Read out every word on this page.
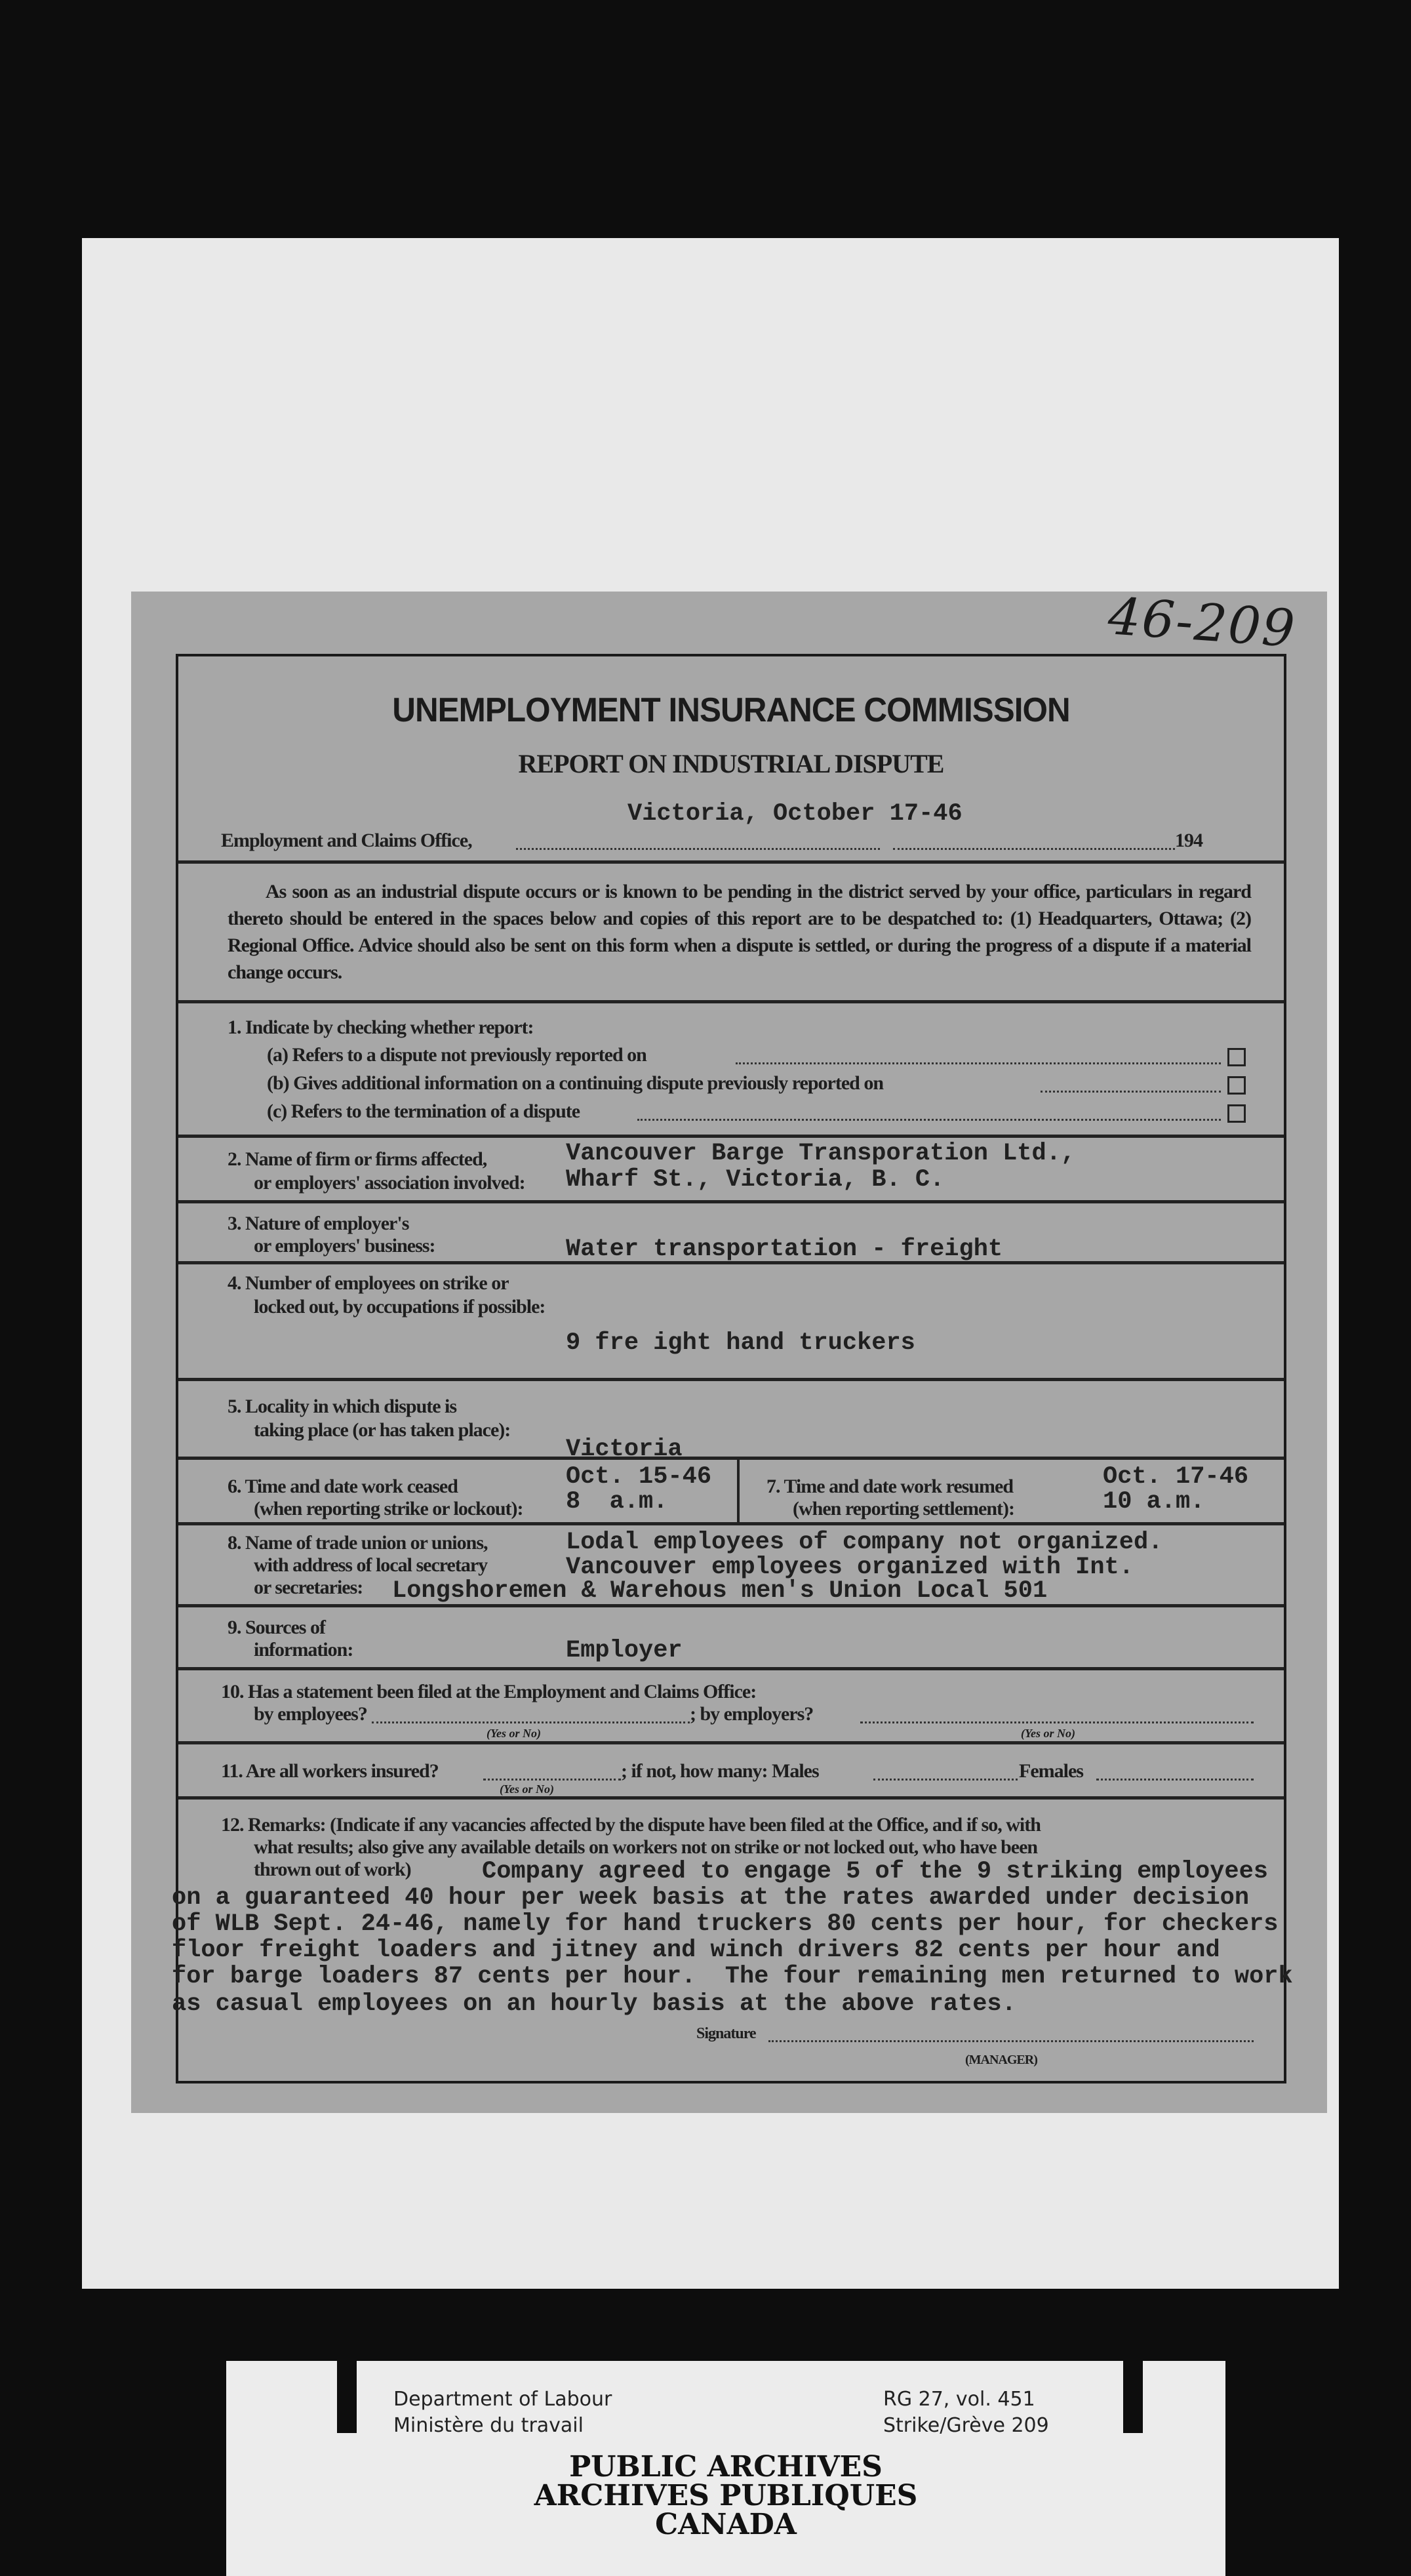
46-209
UNEMPLOYMENT INSURANCE COMMISSION
REPORT ON INDUSTRIAL DISPUTE
Victoria, October 17-46
Employment and Claims Office,	194
As soon as an industrial dispute occurs or is known to be pending in the district served by your office, particulars in regard thereto should be entered in the spaces below and copies of this report are to be despatched to: (1) Headquarters, Ottawa; (2) Regional Office. Advice should also be sent on this form when a dispute is settled, or during the progress of a dispute if a material change occurs.
1. Indicate by checking whether report:
(a) Refers to a dispute not previously reported on
(b) Gives additional information on a continuing dispute previously reported on
(c) Refers to the termination of a dispute
2. Name of firm or firms affected,
or employers' association involved:
Vancouver Barge Transporation Ltd.,
Wharf St., Victoria, B. C.
3. Nature of employer's
or employers' business:	Water transportation - freight
4. Number of employees on strike or
locked out, by occupations if possible:
9 fre ight hand truckers
5. Locality in which dispute is
taking place (or has taken place):
Victoria
6. Time and date work ceased
(when reporting strike or lockout):
Oct. 15-46
8  a.m.
7. Time and date work resumed
(when reporting settlement):
Oct. 17-46
10 a.m.
8. Name of trade union or unions,
with address of local secretary
or secretaries:
Lodal employees of company not organized.
Vancouver employees organized with Int.
Longshoremen & Warehous men's Union Local 501
9. Sources of
information:	Employer
10. Has a statement been filed at the Employment and Claims Office:
by employees?
(Yes or No)
; by employers?
(Yes or No)
11. Are all workers insured?
(Yes or No)
; if not, how many: Males	Females
12. Remarks: (Indicate if any vacancies affected by the dispute have been filed at the Office, and if so, with
what results; also give any available details on workers not on strike or not locked out, who have been
thrown out of work)	Company agreed to engage 5 of the 9 striking employees
on a guaranteed 40 hour per week basis at the rates awarded under decision
of WLB Sept. 24-46, namely for hand truckers 80 cents per hour, for checkers
floor freight loaders and jitney and winch drivers 82 cents per hour and
for barge loaders 87 cents per hour.  The four remaining men returned to work
as casual employees on an hourly basis at the above rates.
Signature
(MANAGER)
Department of Labour
Ministère du travail
RG 27, vol. 451
Strike/Grève 209
PUBLIC ARCHIVES
ARCHIVES PUBLIQUES
CANADA
